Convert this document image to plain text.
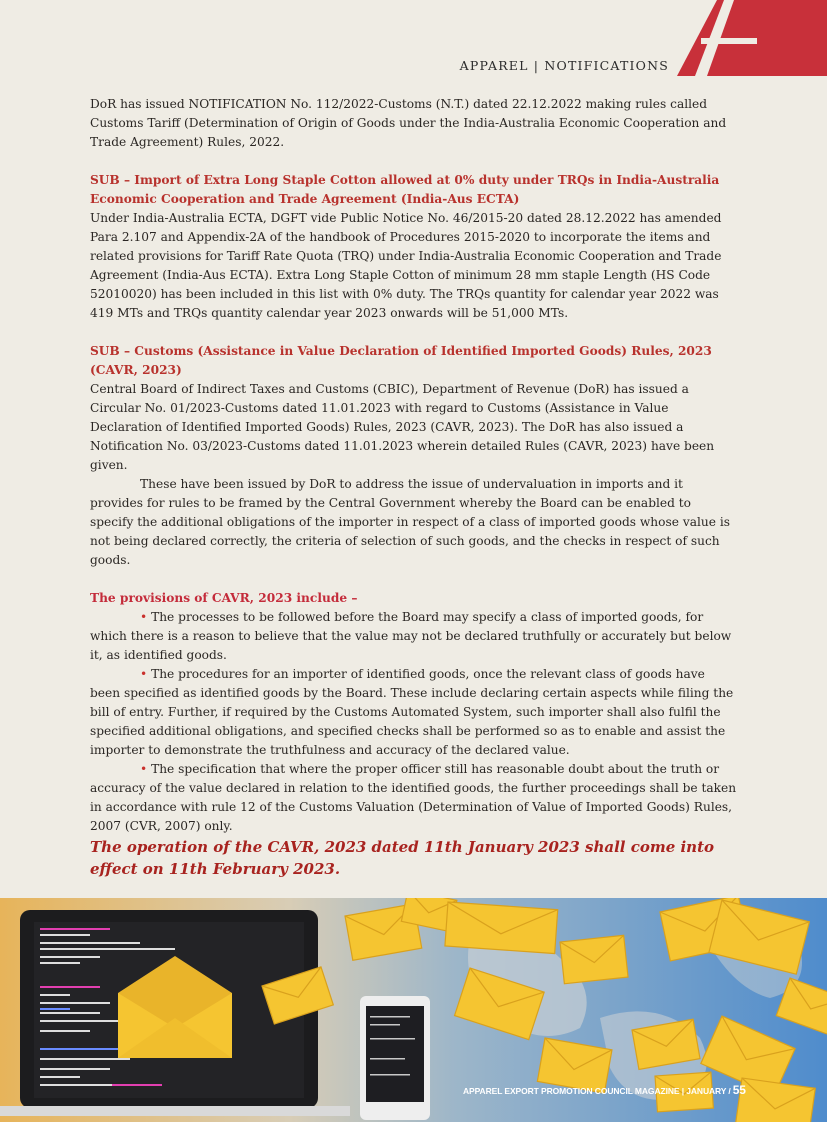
APPAREL | NOTIFICATIONS

DoR has issued NOTIFICATION No. 112/2022-Customs (N.T.) dated 22.12.2022 making rules called Customs Tariff (Determination of Origin of Goods under the India-Australia Economic Cooperation and Trade Agreement) Rules, 2022.

SUB – Import of Extra Long Staple Cotton allowed at 0% duty under TRQs in India-Australia Economic Cooperation and Trade Agreement (India-Aus ECTA)

Under India-Australia ECTA, DGFT vide Public Notice No. 46/2015-20 dated 28.12.2022 has amended Para 2.107 and Appendix-2A of the handbook of Procedures 2015-2020 to incorporate the items and related provisions for Tariff Rate Quota (TRQ) under India-Australia Economic Cooperation and Trade Agreement (India-Aus ECTA). Extra Long Staple Cotton of minimum 28 mm staple Length (HS Code 52010020) has been included in this list with 0% duty. The TRQs quantity for calendar year 2022 was 419 MTs and TRQs quantity calendar year 2023 onwards will be 51,000 MTs.

SUB – Customs (Assistance in Value Declaration of Identified Imported Goods) Rules, 2023 (CAVR, 2023)

Central Board of Indirect Taxes and Customs (CBIC), Department of Revenue (DoR) has issued a Circular No. 01/2023-Customs dated 11.01.2023 with regard to Customs (Assistance in Value Declaration of Identified Imported Goods) Rules, 2023 (CAVR, 2023). The DoR has also issued a Notification No. 03/2023-Customs dated 11.01.2023 wherein detailed Rules (CAVR, 2023) have been given.

These have been issued by DoR to address the issue of undervaluation in imports and it provides for rules to be framed by the Central Government whereby the Board can be enabled to specify the additional obligations of the importer in respect of a class of imported goods whose value is not being declared correctly, the criteria of selection of such goods, and the checks in respect of such goods.

The provisions of CAVR, 2023 include –

• The processes to be followed before the Board may specify a class of imported goods, for which there is a reason to believe that the value may not be declared truthfully or accurately but below it, as identified goods.

• The procedures for an importer of identified goods, once the relevant class of goods have been specified as identified goods by the Board. These include declaring certain aspects while filing the bill of entry. Further, if required by the Customs Automated System, such importer shall also fulfil the specified additional obligations, and specified checks shall be performed so as to enable and assist the importer to demonstrate the truthfulness and accuracy of the declared value.

• The specification that where the proper officer still has reasonable doubt about the truth or accuracy of the value declared in relation to the identified goods, the further proceedings shall be taken in accordance with rule 12 of the Customs Valuation (Determination of Value of Imported Goods) Rules, 2007 (CVR, 2007) only.

The operation of the CAVR, 2023 dated 11th January 2023 shall come into effect on 11th February 2023.

APPAREL EXPORT PROMOTION COUNCIL MAGAZINE | JANUARY / 55
